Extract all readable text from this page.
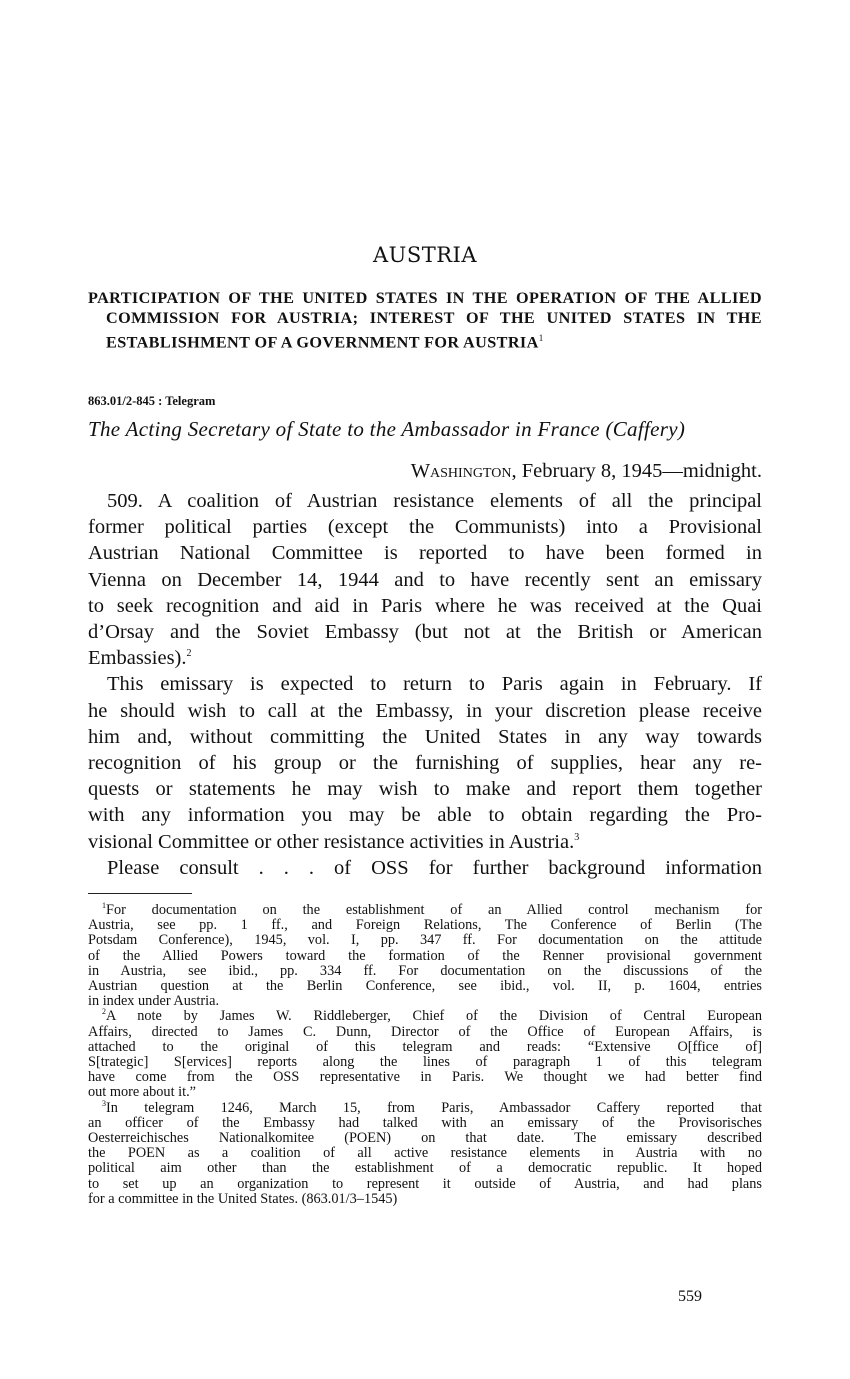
AUSTRIA
PARTICIPATION OF THE UNITED STATES IN THE OPERATION OF THE ALLIED COMMISSION FOR AUSTRIA; INTEREST OF THE UNITED STATES IN THE ESTABLISHMENT OF A GOVERNMENT FOR AUSTRIA$^1$
863.01/2-845 : Telegram
The Acting Secretary of State to the Ambassador in France (Caffery)
Washington, February 8, 1945—midnight.

509. A coalition of Austrian resistance elements of all the principal
former political parties (except the Communists) into a Provisional
Austrian National Committee is reported to have been formed in
Vienna on December 14, 1944 and to have recently sent an emissary
to seek recognition and aid in Paris where he was received at the Quai
d’Orsay and the Soviet Embassy (but not at the British or American
Embassies).$^2$

This emissary is expected to return to Paris again in February. If
he should wish to call at the Embassy, in your discretion please receive
him and, without committing the United States in any way towards
recognition of his group or the furnishing of supplies, hear any re-
quests or statements he may wish to make and report them together
with any information you may be able to obtain regarding the Pro-
visional Committee or other resistance activities in Austria.$^3$

Please consult . . . of OSS for further background information

$^1$For documentation on the establishment of an Allied control mechanism for
Austria, see pp. 1 ff., and Foreign Relations, The Conference of Berlin (The
Potsdam Conference), 1945, vol. I, pp. 347 ff. For documentation on the attitude
of the Allied Powers toward the formation of the Renner provisional government
in Austria, see ibid., pp. 334 ff. For documentation on the discussions of the
Austrian question at the Berlin Conference, see ibid., vol. II, p. 1604, entries
in index under Austria.
$^2$A note by James W. Riddleberger, Chief of the Division of Central European
Affairs, directed to James C. Dunn, Director of the Office of European Affairs, is
attached to the original of this telegram and reads: “Extensive O[ffice of]
S[trategic] S[ervices] reports along the lines of paragraph 1 of this telegram
have come from the OSS representative in Paris. We thought we had better find
out more about it.”
$^3$In telegram 1246, March 15, from Paris, Ambassador Caffery reported that
an officer of the Embassy had talked with an emissary of the Provisorisches
Oesterreichisches Nationalkomitee (POEN) on that date. The emissary described
the POEN as a coalition of all active resistance elements in Austria with no
political aim other than the establishment of a democratic republic. It hoped
to set up an organization to represent it outside of Austria, and had plans
for a committee in the United States. (863.01/3–1545)
559
